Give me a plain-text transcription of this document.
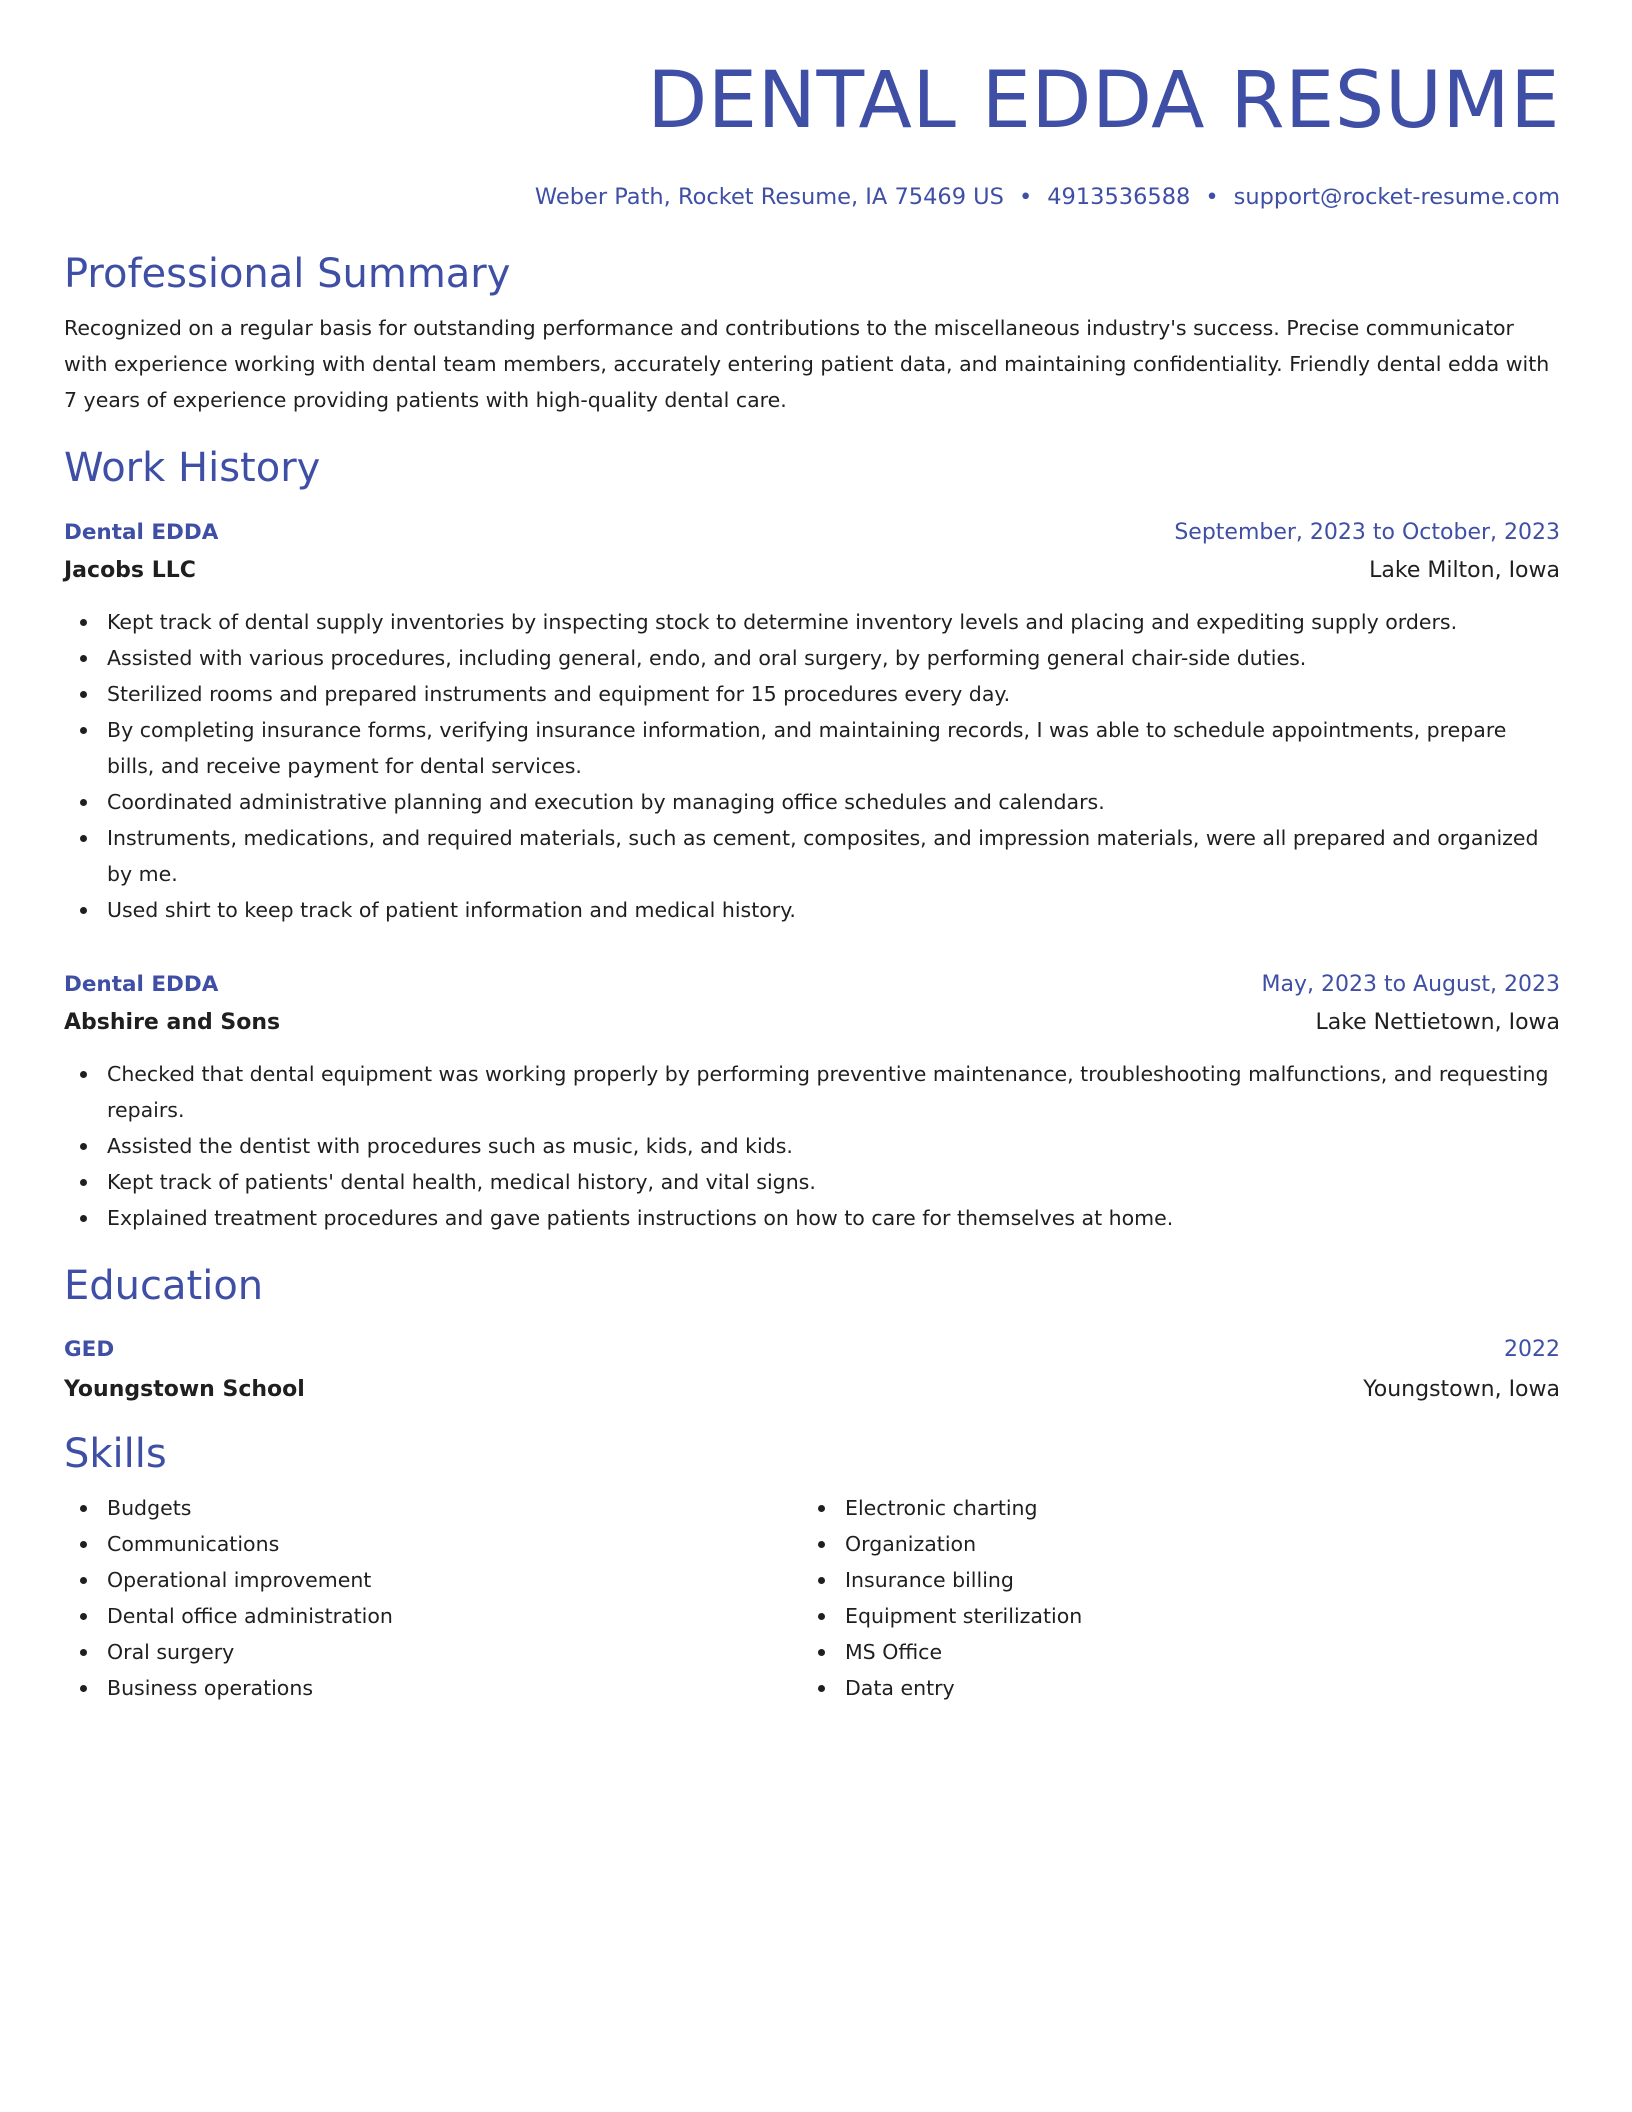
DENTAL EDDA RESUME
Weber Path, Rocket Resume, IA 75469 US • 4913536588 • support@rocket-resume.com
Professional Summary

Recognized on a regular basis for outstanding performance and contributions to the miscellaneous industry's success. Precise communicator with experience working with dental team members, accurately entering patient data, and maintaining confidentiality. Friendly dental edda with 7 years of experience providing patients with high-quality dental care.

Work History
Dental EDDA	September, 2023 to October, 2023
Jacobs LLC	Lake Milton, Iowa
Kept track of dental supply inventories by inspecting stock to determine inventory levels and placing and expediting supply orders.
Assisted with various procedures, including general, endo, and oral surgery, by performing general chair-side duties.
Sterilized rooms and prepared instruments and equipment for 15 procedures every day.
By completing insurance forms, verifying insurance information, and maintaining records, I was able to schedule appointments, prepare bills, and receive payment for dental services.
Coordinated administrative planning and execution by managing office schedules and calendars.
Instruments, medications, and required materials, such as cement, composites, and impression materials, were all prepared and organized by me.
Used shirt to keep track of patient information and medical history.
Dental EDDA	May, 2023 to August, 2023
Abshire and Sons	Lake Nettietown, Iowa
Checked that dental equipment was working properly by performing preventive maintenance, troubleshooting malfunctions, and requesting repairs.
Assisted the dentist with procedures such as music, kids, and kids.
Kept track of patients' dental health, medical history, and vital signs.
Explained treatment procedures and gave patients instructions on how to care for themselves at home.
Education
GED	2022
Youngstown School	Youngstown, Iowa
Skills
Budgets
Communications
Operational improvement
Dental office administration
Oral surgery
Business operations
Electronic charting
Organization
Insurance billing
Equipment sterilization
MS Office
Data entry
